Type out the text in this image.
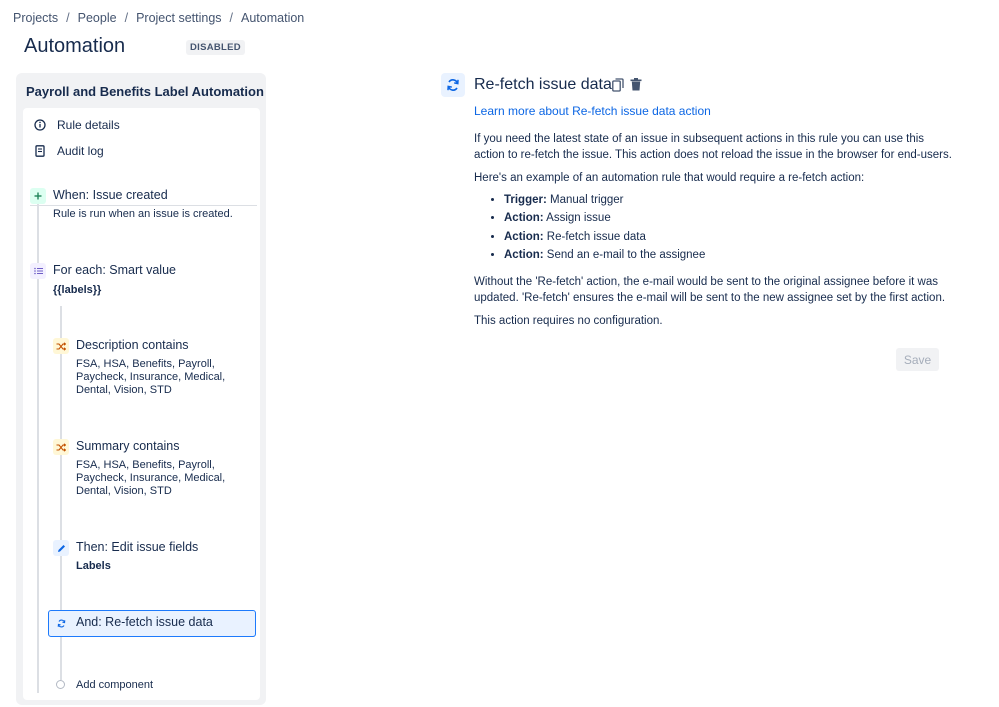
Projects / People / Project settings / Automation
Automation	DISABLED
Payroll and Benefits Label Automation
Rule details
Audit log
When: Issue created
Rule is run when an issue is created.
For each: Smart value
{{labels}}
Description contains
FSA, HSA, Benefits, Payroll,
Paycheck, Insurance, Medical,
Dental, Vision, STD
Summary contains
FSA, HSA, Benefits, Payroll,
Paycheck, Insurance, Medical,
Dental, Vision, STD
Then: Edit issue fields
Labels
And: Re-fetch issue data
Add component
Re-fetch issue data
Learn more about Re-fetch issue data action

If you need the latest state of an issue in subsequent actions in this rule you can use this action to re-fetch the issue. This action does not reload the issue in the browser for end-users.

Here's an example of an automation rule that would require a re-fetch action:

• Trigger: Manual trigger
• Action: Assign issue
• Action: Re-fetch issue data
• Action: Send an e-mail to the assignee

Without the 'Re-fetch' action, the e-mail would be sent to the original assignee before it was updated. 'Re-fetch' ensures the e-mail will be sent to the new assignee set by the first action.

This action requires no configuration.

Save
